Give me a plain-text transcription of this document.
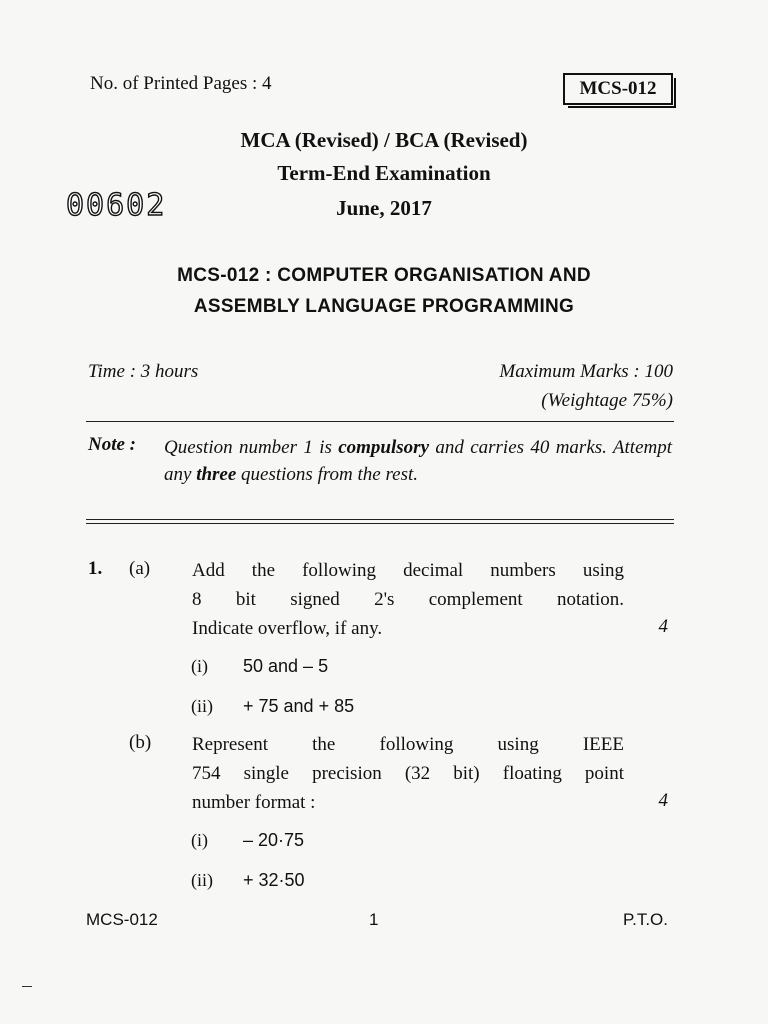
No. of Printed Pages : 4	MCS-012
MCA (Revised) / BCA (Revised)
Term-End Examination
00602	June, 2017
MCS-012 : COMPUTER ORGANISATION AND
ASSEMBLY LANGUAGE PROGRAMMING
Time : 3 hours	Maximum Marks : 100
(Weightage 75%)
Note : Question number 1 is compulsory and carries 40 marks. Attempt any three questions from the rest.
1. (a) Add the following decimal numbers using
8 bit signed 2's complement notation.
Indicate overflow, if any.	4
(i) 50 and – 5
(ii) + 75 and + 85
(b) Represent the following using IEEE
754 single precision (32 bit) floating point
number format :	4
(i) – 20·75
(ii) + 32·50
MCS-012	1	P.T.O.
